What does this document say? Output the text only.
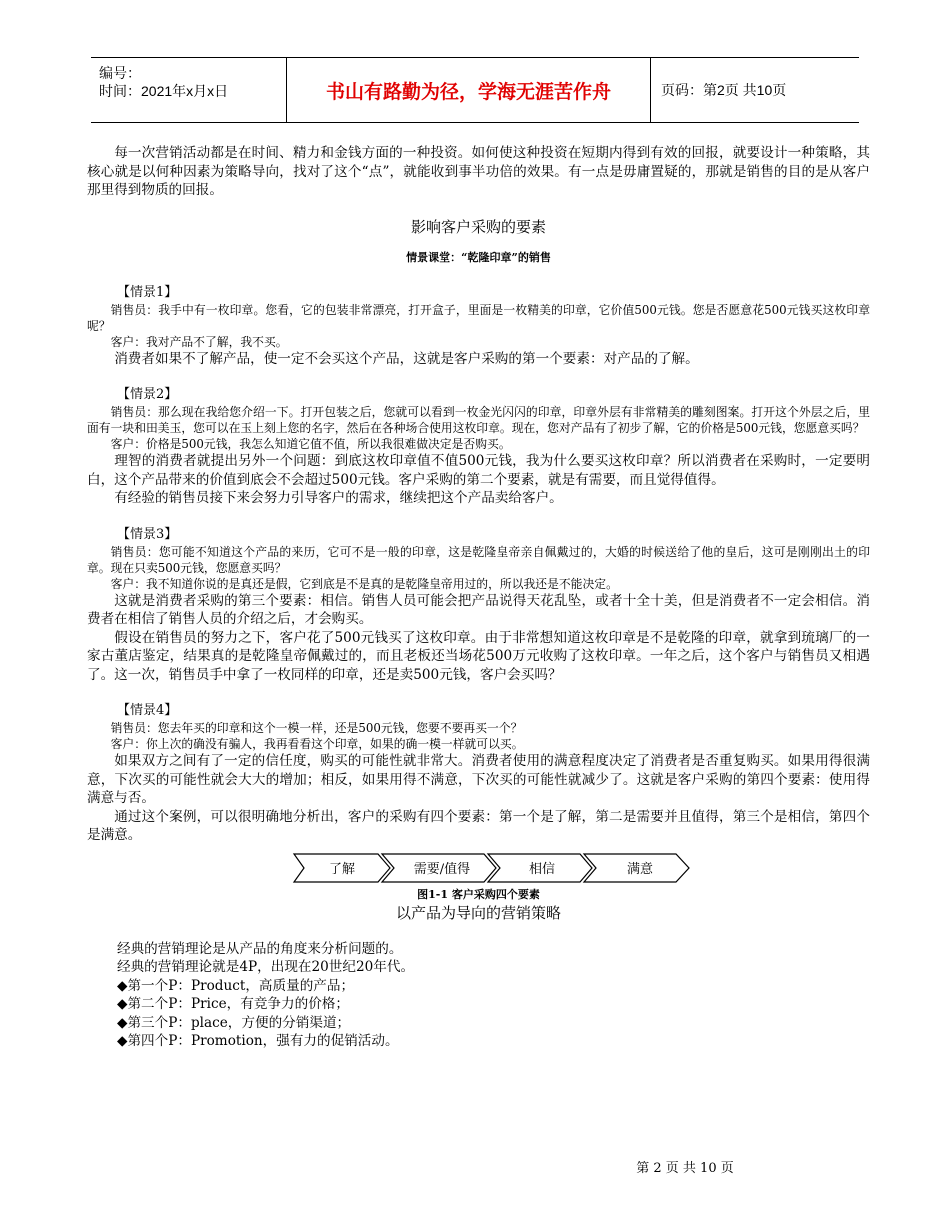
编号：
时间：2021年x月x日	书山有路勤为径，学海无涯苦作舟	页码：第2页 共10页

每一次营销活动都是在时间、精力和金钱方面的一种投资。如何使这种投资在短期内得到有效的回报，就要设计一种策略，其核心就是以何种因素为策略导向，找对了这个“点”，就能收到事半功倍的效果。有一点是毋庸置疑的，那就是销售的目的是从客户那里得到物质的回报。

影响客户采购的要素

情景课堂：“乾隆印章”的销售

【情景1】

销售员：我手中有一枚印章。您看，它的包装非常漂亮，打开盒子，里面是一枚精美的印章，它价值500元钱。您是否愿意花500元钱买这枚印章呢？

客户：我对产品不了解，我不买。

消费者如果不了解产品，使一定不会买这个产品，这就是客户采购的第一个要素：对产品的了解。

【情景2】

销售员：那么现在我给您介绍一下。打开包装之后，您就可以看到一枚金光闪闪的印章，印章外层有非常精美的雕刻图案。打开这个外层之后，里面有一块和田美玉，您可以在玉上刻上您的名字，然后在各种场合使用这枚印章。现在，您对产品有了初步了解，它的价格是500元钱，您愿意买吗？

客户：价格是500元钱，我怎么知道它值不值，所以我很难做决定是否购买。

理智的消费者就提出另外一个问题：到底这枚印章值不值500元钱，我为什么要买这枚印章？所以消费者在采购时，一定要明白，这个产品带来的价值到底会不会超过500元钱。客户采购的第二个要素，就是有需要，而且觉得值得。

有经验的销售员接下来会努力引导客户的需求，继续把这个产品卖给客户。

【情景3】

销售员：您可能不知道这个产品的来历，它可不是一般的印章，这是乾隆皇帝亲自佩戴过的，大婚的时候送给了他的皇后，这可是刚刚出土的印章。现在只卖500元钱，您愿意买吗？

客户：我不知道你说的是真还是假，它到底是不是真的是乾隆皇帝用过的，所以我还是不能决定。

这就是消费者采购的第三个要素：相信。销售人员可能会把产品说得天花乱坠，或者十全十美，但是消费者不一定会相信。消费者在相信了销售人员的介绍之后，才会购买。

假设在销售员的努力之下，客户花了500元钱买了这枚印章。由于非常想知道这枚印章是不是乾隆的印章，就拿到琉璃厂的一家古董店鉴定，结果真的是乾隆皇帝佩戴过的，而且老板还当场花500万元收购了这枚印章。一年之后，这个客户与销售员又相遇了。这一次，销售员手中拿了一枚同样的印章，还是卖500元钱，客户会买吗？

【情景4】

销售员：您去年买的印章和这个一模一样，还是500元钱，您要不要再买一个？

客户：你上次的确没有骗人，我再看看这个印章，如果的确一模一样就可以买。

如果双方之间有了一定的信任度，购买的可能性就非常大。消费者使用的满意程度决定了消费者是否重复购买。如果用得很满意，下次买的可能性就会大大的增加；相反，如果用得不满意，下次买的可能性就减少了。这就是客户采购的第四个要素：使用得满意与否。

通过这个案例，可以很明确地分析出，客户的采购有四个要素：第一个是了解，第二是需要并且值得，第三个是相信，第四个是满意。

了解	需要/值得	相信	满意

图1-1 客户采购四个要素

以产品为导向的营销策略

经典的营销理论是从产品的角度来分析问题的。

经典的营销理论就是4P，出现在20世纪20年代。

◆第一个P：Product，高质量的产品；

◆第二个P：Price，有竞争力的价格；

◆第三个P：place，方便的分销渠道；

◆第四个P：Promotion，强有力的促销活动。

第 2 页 共 10 页
